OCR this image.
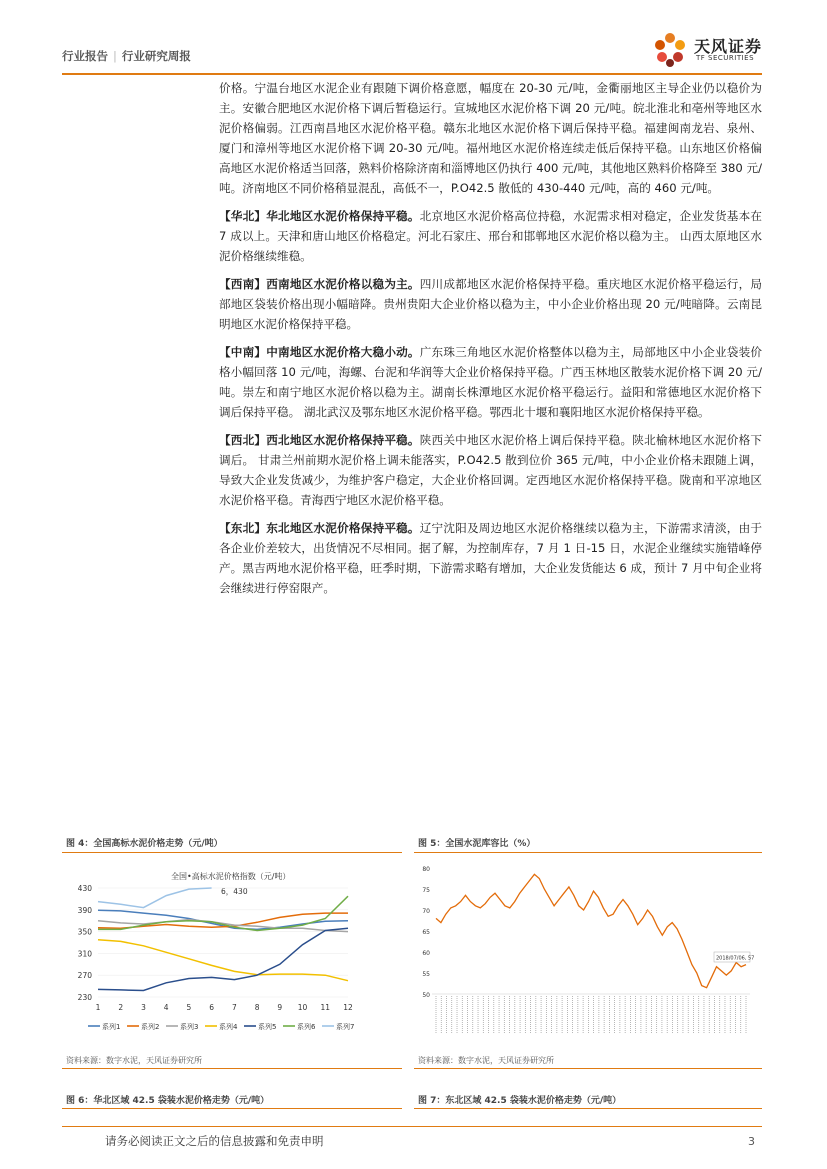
行业报告 | 行业研究周报	天风证券
TF SECURITIES

价格。宁温台地区水泥企业有跟随下调价格意愿，幅度在 20-30 元/吨，金衢丽地区主导企业仍以稳价为主。安徽合肥地区水泥价格下调后暂稳运行。宣城地区水泥价格下调 20 元/吨。皖北淮北和亳州等地区水泥价格偏弱。江西南昌地区水泥价格平稳。赣东北地区水泥价格下调后保持平稳。福建闽南龙岩、泉州、厦门和漳州等地区水泥价格下调 20-30 元/吨。福州地区水泥价格连续走低后保持平稳。山东地区价格偏高地区水泥价格适当回落，熟料价格除济南和淄博地区仍执行 400 元/吨，其他地区熟料价格降至 380 元/吨。济南地区不同价格稍显混乱，高低不一，P.O42.5 散低的 430-440 元/吨，高的 460 元/吨。

【华北】华北地区水泥价格保持平稳。北京地区水泥价格高位持稳，水泥需求相对稳定，企业发货基本在 7 成以上。天津和唐山地区价格稳定。河北石家庄、邢台和邯郸地区水泥价格以稳为主。 山西太原地区水泥价格继续维稳。

【西南】西南地区水泥价格以稳为主。四川成都地区水泥价格保持平稳。重庆地区水泥价格平稳运行，局部地区袋装价格出现小幅暗降。贵州贵阳大企业价格以稳为主，中小企业价格出现 20 元/吨暗降。云南昆明地区水泥价格保持平稳。

【中南】中南地区水泥价格大稳小动。广东珠三角地区水泥价格整体以稳为主，局部地区中小企业袋装价格小幅回落 10 元/吨，海螺、台泥和华润等大企业价格保持平稳。广西玉林地区散装水泥价格下调 20 元/吨。崇左和南宁地区水泥价格以稳为主。湖南长株潭地区水泥价格平稳运行。益阳和常德地区水泥价格下调后保持平稳。 湖北武汉及鄂东地区水泥价格平稳。鄂西北十堰和襄阳地区水泥价格保持平稳。

【西北】西北地区水泥价格保持平稳。陕西关中地区水泥价格上调后保持平稳。陕北榆林地区水泥价格下调后。 甘肃兰州前期水泥价格上调未能落实，P.O42.5 散到位价 365 元/吨，中小企业价格未跟随上调，导致大企业发货减少，为维护客户稳定，大企业价格回调。定西地区水泥价格保持平稳。陇南和平凉地区水泥价格平稳。青海西宁地区水泥价格平稳。

【东北】东北地区水泥价格保持平稳。辽宁沈阳及周边地区水泥价格继续以稳为主，下游需求清淡，由于各企业价差较大，出货情况不尽相同。据了解，为控制库存，7 月 1 日-15 日，水泥企业继续实施错峰停产。黑吉两地水泥价格平稳，旺季时期，下游需求略有增加，大企业发货能达 6 成，预计 7 月中旬企业将会继续进行停窑限产。

图 4：全国高标水泥价格走势（元/吨）
全国•高标水泥价格指数（元/吨）
6，430
230
270
310
350
390
430
1 2 3 4 5 6 7 8 9 10 11 12
系列1	系列2	系列3	系列4	系列5	系列6	系列7
资料来源：数字水泥，天风证券研究所
图 5：全国水泥库容比（%）
50
55
60
65
70
75
80
2018/07/06, 57
资料来源：数字水泥，天风证券研究所
图 6：华北区域 42.5 袋装水泥价格走势（元/吨）	图 7：东北区域 42.5 袋装水泥价格走势（元/吨）
请务必阅读正文之后的信息披露和免责申明	3
